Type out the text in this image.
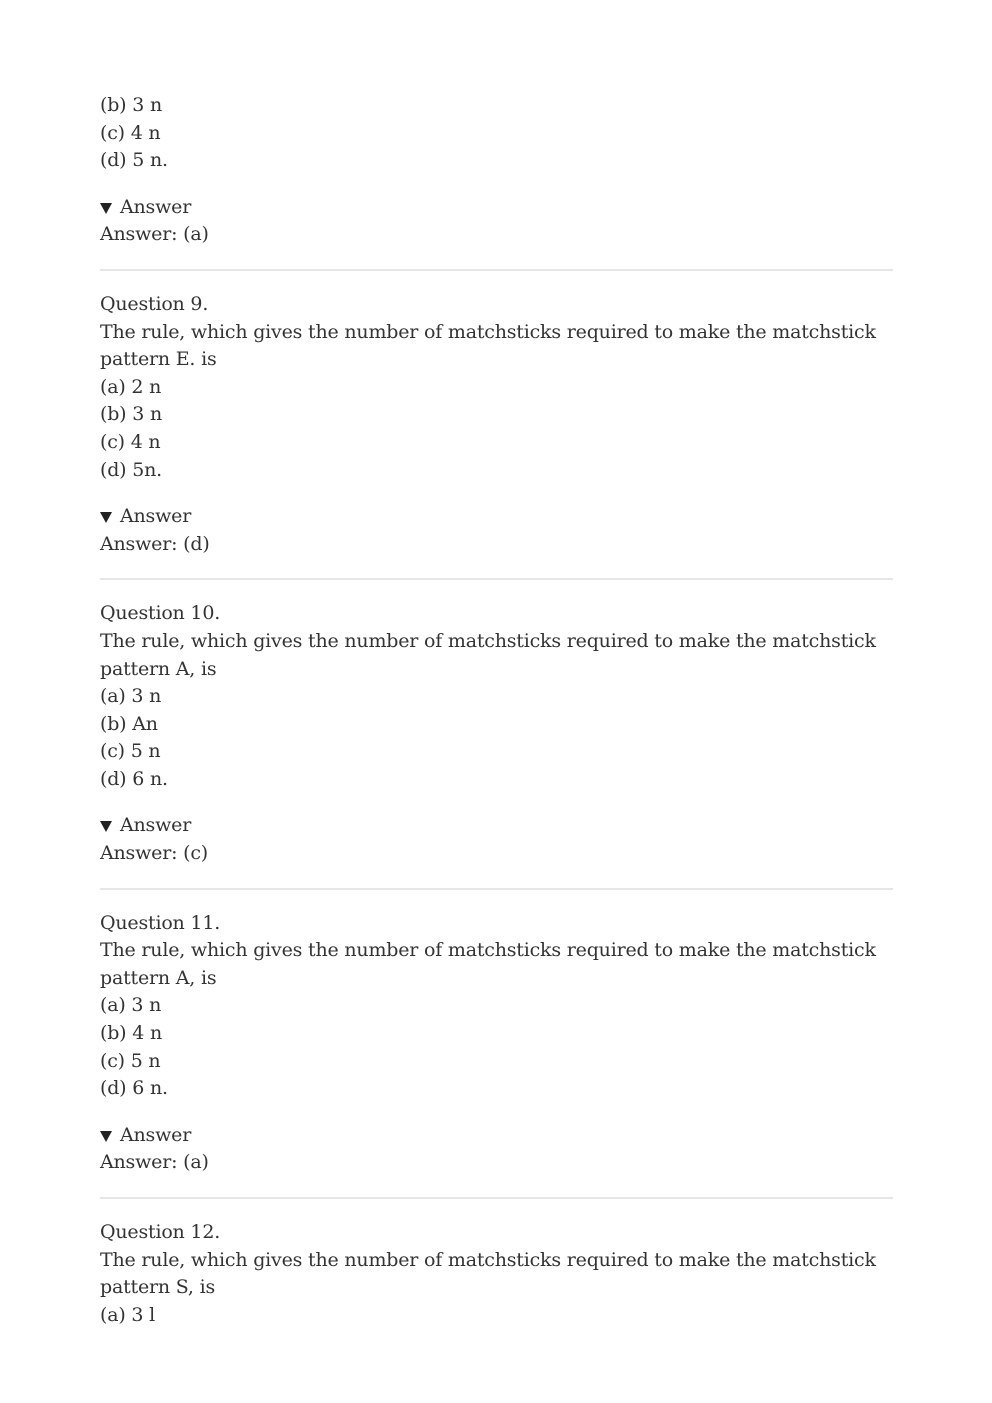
(b) 3 n
(c) 4 n
(d) 5 n.
Answer
Answer: (a)
Question 9.
The rule, which gives the number of matchsticks required to make the matchstick pattern E. is
(a) 2 n
(b) 3 n
(c) 4 n
(d) 5n.
Answer
Answer: (d)
Question 10.
The rule, which gives the number of matchsticks required to make the matchstick pattern A, is
(a) 3 n
(b) An
(c) 5 n
(d) 6 n.
Answer
Answer: (c)
Question 11.
The rule, which gives the number of matchsticks required to make the matchstick pattern A, is
(a) 3 n
(b) 4 n
(c) 5 n
(d) 6 n.
Answer
Answer: (a)
Question 12.
The rule, which gives the number of matchsticks required to make the matchstick pattern S, is
(a) 3 l
